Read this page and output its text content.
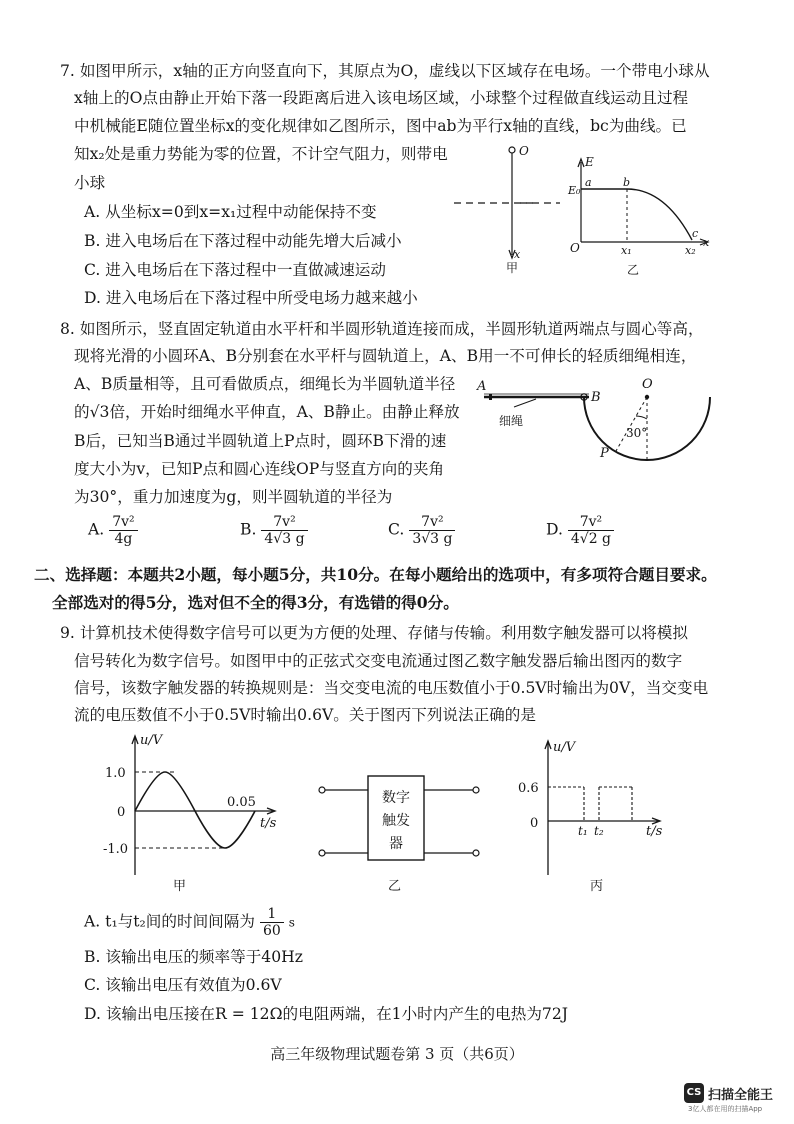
7. 如图甲所示，x轴的正方向竖直向下，其原点为O，虚线以下区域存在电场。一个带电小球从
x轴上的O点由静止开始下落一段距离后进入该电场区域，小球整个过程做直线运动且过程
中机械能E随位置坐标x的变化规律如乙图所示，图中ab为平行x轴的直线，bc为曲线。已
知x₂处是重力势能为零的位置，不计空气阻力，则带电
小球
A. 从坐标x=0到x=x₁过程中动能保持不变
B. 进入电场后在下落过程中动能先增大后减小
C. 进入电场后在下落过程中一直做减速运动
D. 进入电场后在下落过程中所受电场力越来越小
O
x
甲
E
E₀
a	b
c
O	x₁	x₂
x
乙
8. 如图所示，竖直固定轨道由水平杆和半圆形轨道连接而成，半圆形轨道两端点与圆心等高，
现将光滑的小圆环A、B分别套在水平杆与圆轨道上，A、B用一不可伸长的轻质细绳相连，
A、B质量相等，且可看做质点，细绳长为半圆轨道半径
的√3倍，开始时细绳水平伸直，A、B静止。由静止释放
B后，已知当B通过半圆轨道上P点时，圆环B下滑的速
度大小为v，已知P点和圆心连线OP与竖直方向的夹角
为30°，重力加速度为g，则半圆轨道的半径为
A
B
O
P
细绳
30°
A. $\frac{\text{7v²}}{4g}$	B. $\frac{\text{7v²}}{4√3 g}$	C. $\frac{\text{7v²}}{3√3 g}$	D. $\frac{\text{7v²}}{4√2 g}$
二、选择题：本题共2小题，每小题5分，共10分。在每小题给出的选项中，有多项符合题目要求。
全部选对的得5分，选对但不全的得3分，有选错的得0分。
9. 计算机技术使得数字信号可以更为方便的处理、存储与传输。利用数字触发器可以将模拟
信号转化为数字信号。如图甲中的正弦式交变电流通过图乙数字触发器后输出图丙的数字
信号，该数字触发器的转换规则是：当交变电流的电压数值小于0.5V时输出为0V，当交变电
流的电压数值不小于0.5V时输出0.6V。关于图丙下列说法正确的是
u/V
1.0
0
-1.0
0.05
t/s
甲
数字
触发
器
乙
u/V
0.6
0	t₁ t₂	t/s
丙
A. t₁与t₂间的时间间隔为 $\frac{1}{60}$ s
B. 该输出电压的频率等于40Hz
C. 该输出电压有效值为0.6V
D. 该输出电压接在R = 12Ω的电阻两端，在1小时内产生的电热为72J
高三年级物理试题卷第 3 页（共6页）
CS 扫描全能王
3亿人都在用的扫描App
